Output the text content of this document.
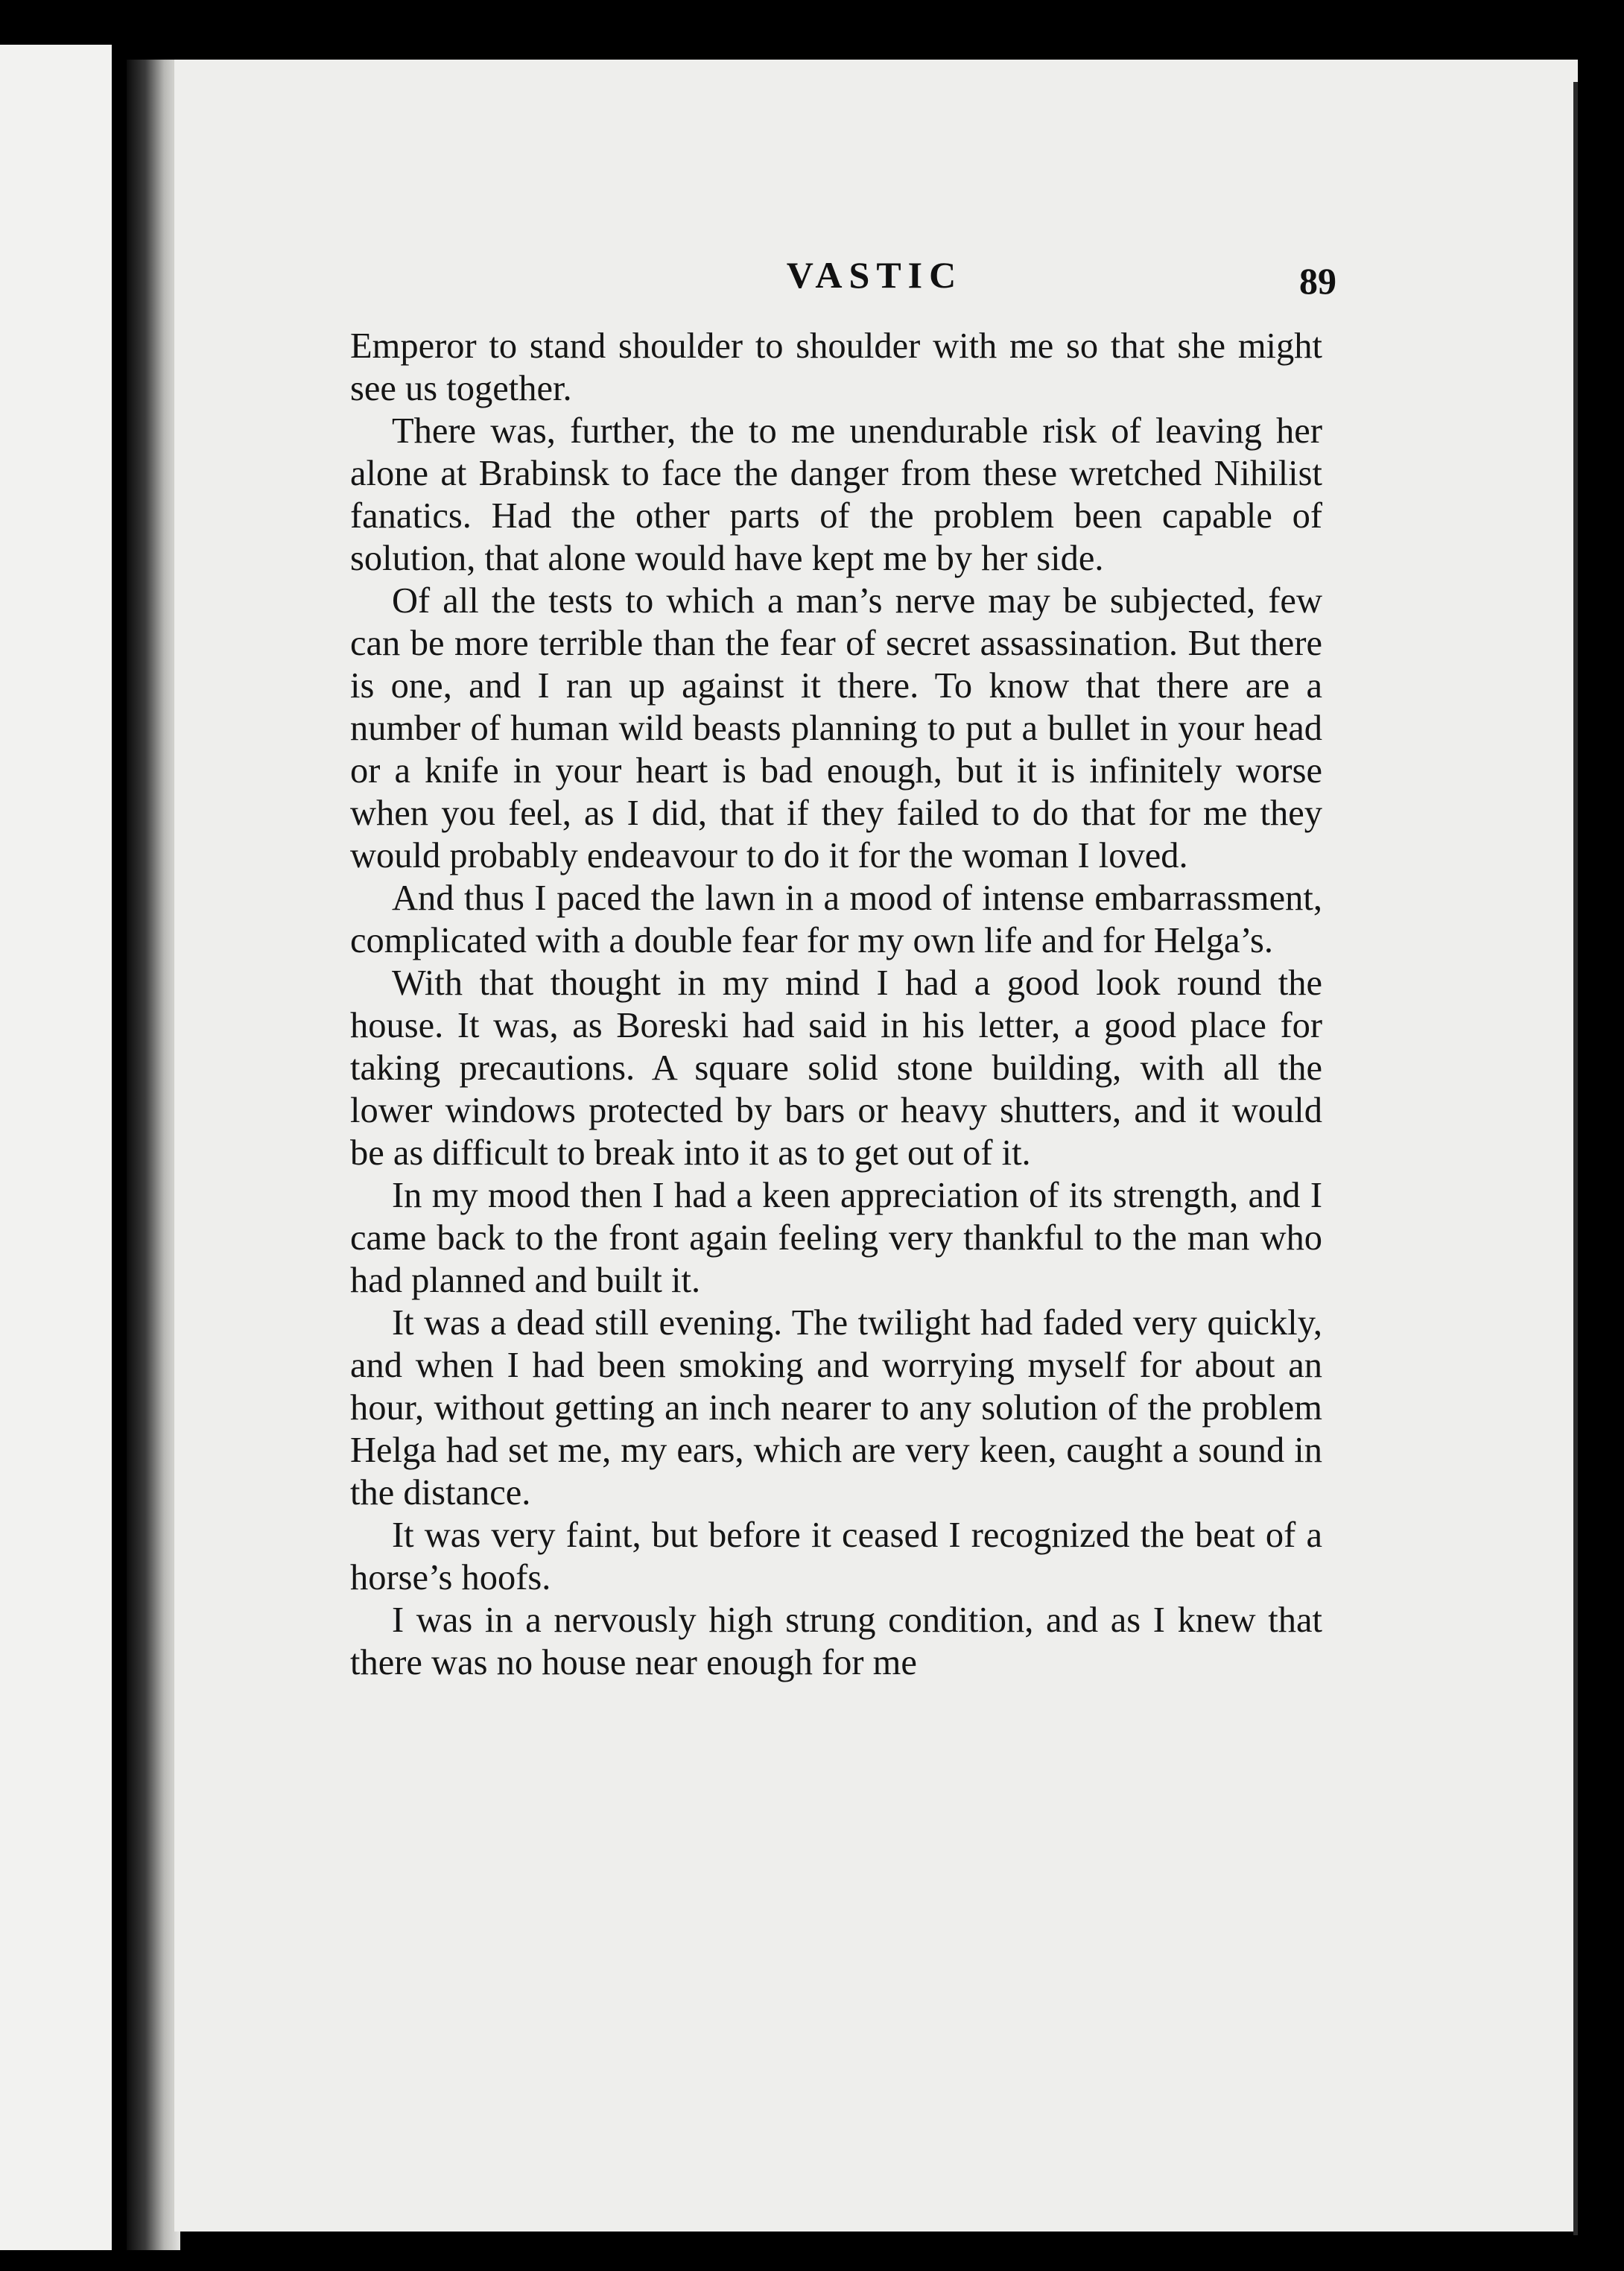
VASTIC	89

Emperor to stand shoulder to shoulder with me so that she might see us together.

There was, further, the to me unendurable risk of leaving her alone at Brabinsk to face the danger from these wretched Nihilist fanatics. Had the other parts of the problem been capable of solution, that alone would have kept me by her side.

Of all the tests to which a man’s nerve may be subjected, few can be more terrible than the fear of secret assassination. But there is one, and I ran up against it there. To know that there are a number of human wild beasts planning to put a bullet in your head or a knife in your heart is bad enough, but it is infinitely worse when you feel, as I did, that if they failed to do that for me they would probably endeavour to do it for the woman I loved.

And thus I paced the lawn in a mood of intense embarrassment, complicated with a double fear for my own life and for Helga’s.

With that thought in my mind I had a good look round the house. It was, as Boreski had said in his letter, a good place for taking precautions. A square solid stone building, with all the lower windows protected by bars or heavy shutters, and it would be as difficult to break into it as to get out of it.

In my mood then I had a keen appreciation of its strength, and I came back to the front again feeling very thankful to the man who had planned and built it.

It was a dead still evening. The twilight had faded very quickly, and when I had been smoking and worrying myself for about an hour, without getting an inch nearer to any solution of the problem Helga had set me, my ears, which are very keen, caught a sound in the distance.

It was very faint, but before it ceased I recognized the beat of a horse’s hoofs.

I was in a nervously high strung condition, and as I knew that there was no house near enough for me
